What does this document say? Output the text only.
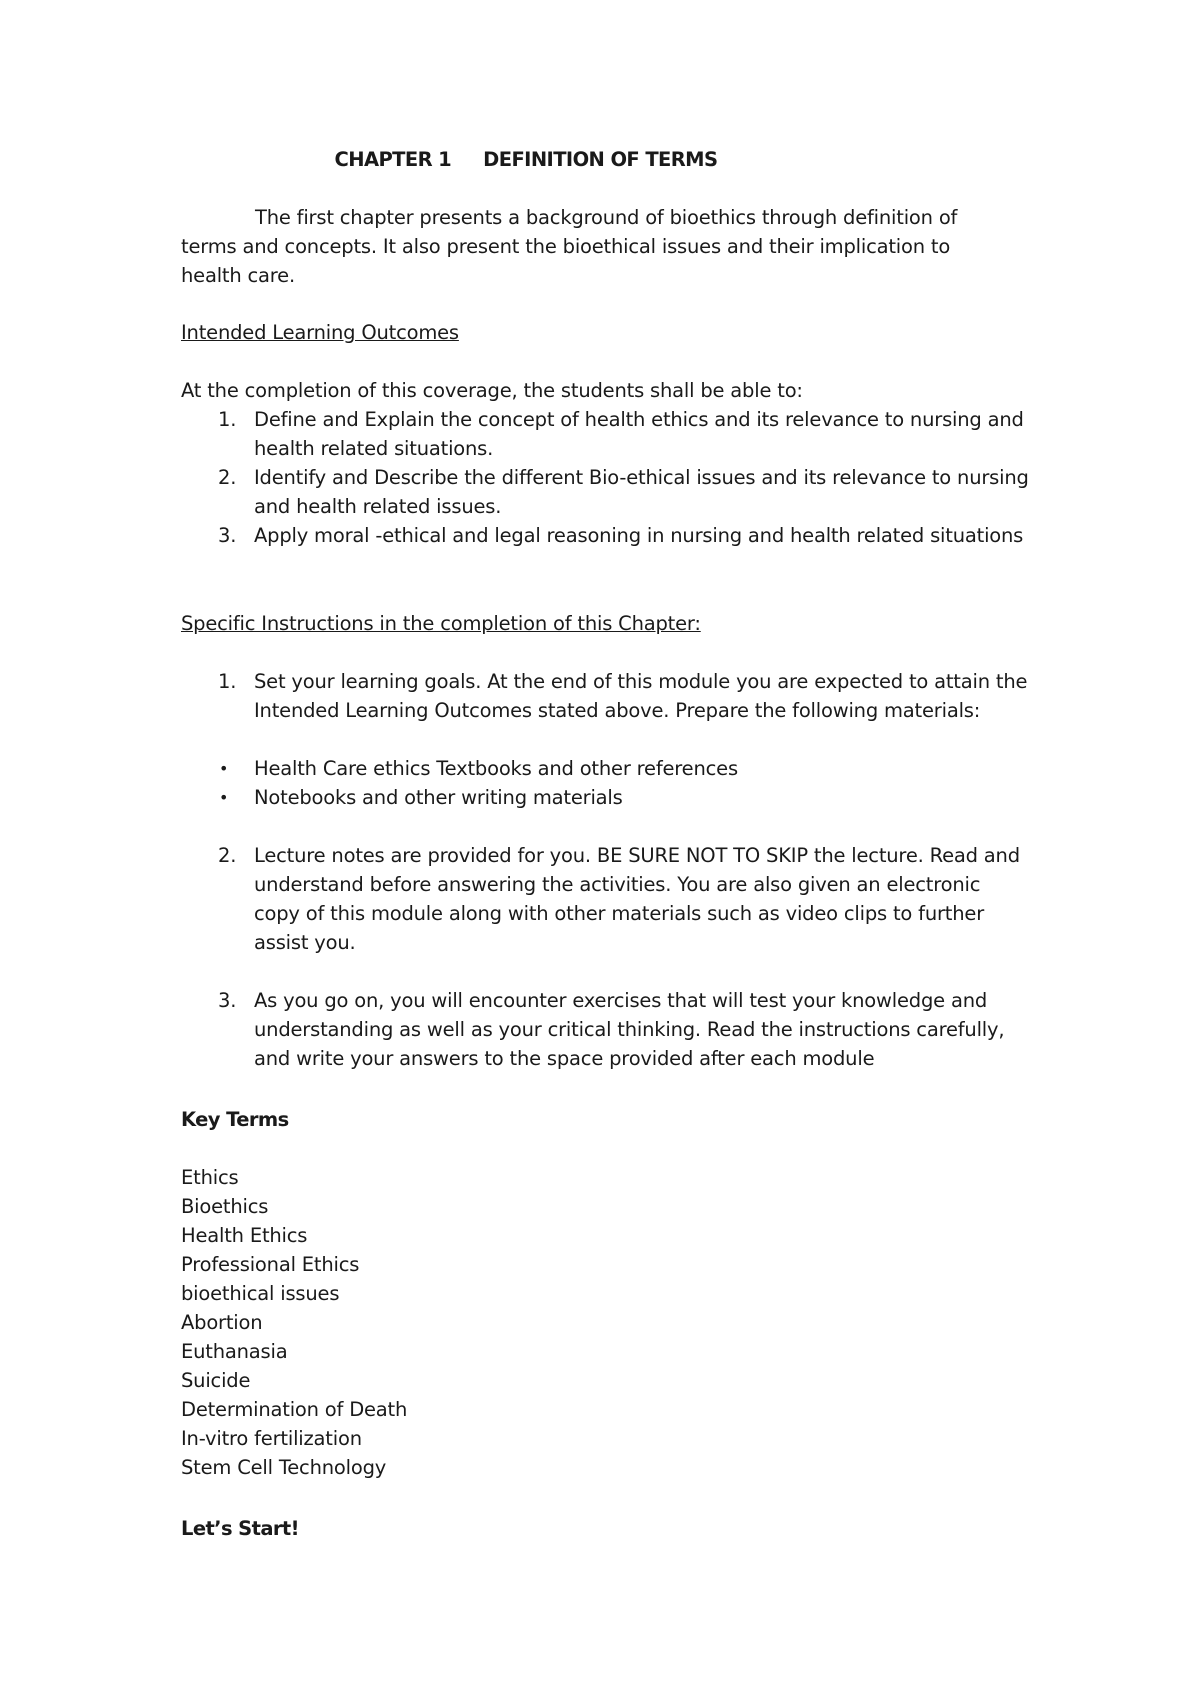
CHAPTER 1 DEFINITION OF TERMS

The first chapter presents a background of bioethics through definition of terms and concepts. It also present the bioethical issues and their implication to health care.

Intended Learning Outcomes

At the completion of this coverage, the students shall be able to:

1. Define and Explain the concept of health ethics and its relevance to nursing and health related situations.
2. Identify and Describe the different Bio-ethical issues and its relevance to nursing and health related issues.
3. Apply moral -ethical and legal reasoning in nursing and health related situations

Specific Instructions in the completion of this Chapter:

1. Set your learning goals. At the end of this module you are expected to attain the Intended Learning Outcomes stated above. Prepare the following materials:
• Health Care ethics Textbooks and other references
• Notebooks and other writing materials
2. Lecture notes are provided for you. BE SURE NOT TO SKIP the lecture. Read and understand before answering the activities. You are also given an electronic copy of this module along with other materials such as video clips to further assist you.
3. As you go on, you will encounter exercises that will test your knowledge and understanding as well as your critical thinking. Read the instructions carefully, and write your answers to the space provided after each module

Key Terms

Ethics
Bioethics
Health Ethics
Professional Ethics
bioethical issues
Abortion
Euthanasia
Suicide
Determination of Death
In-vitro fertilization
Stem Cell Technology

Let’s Start!
